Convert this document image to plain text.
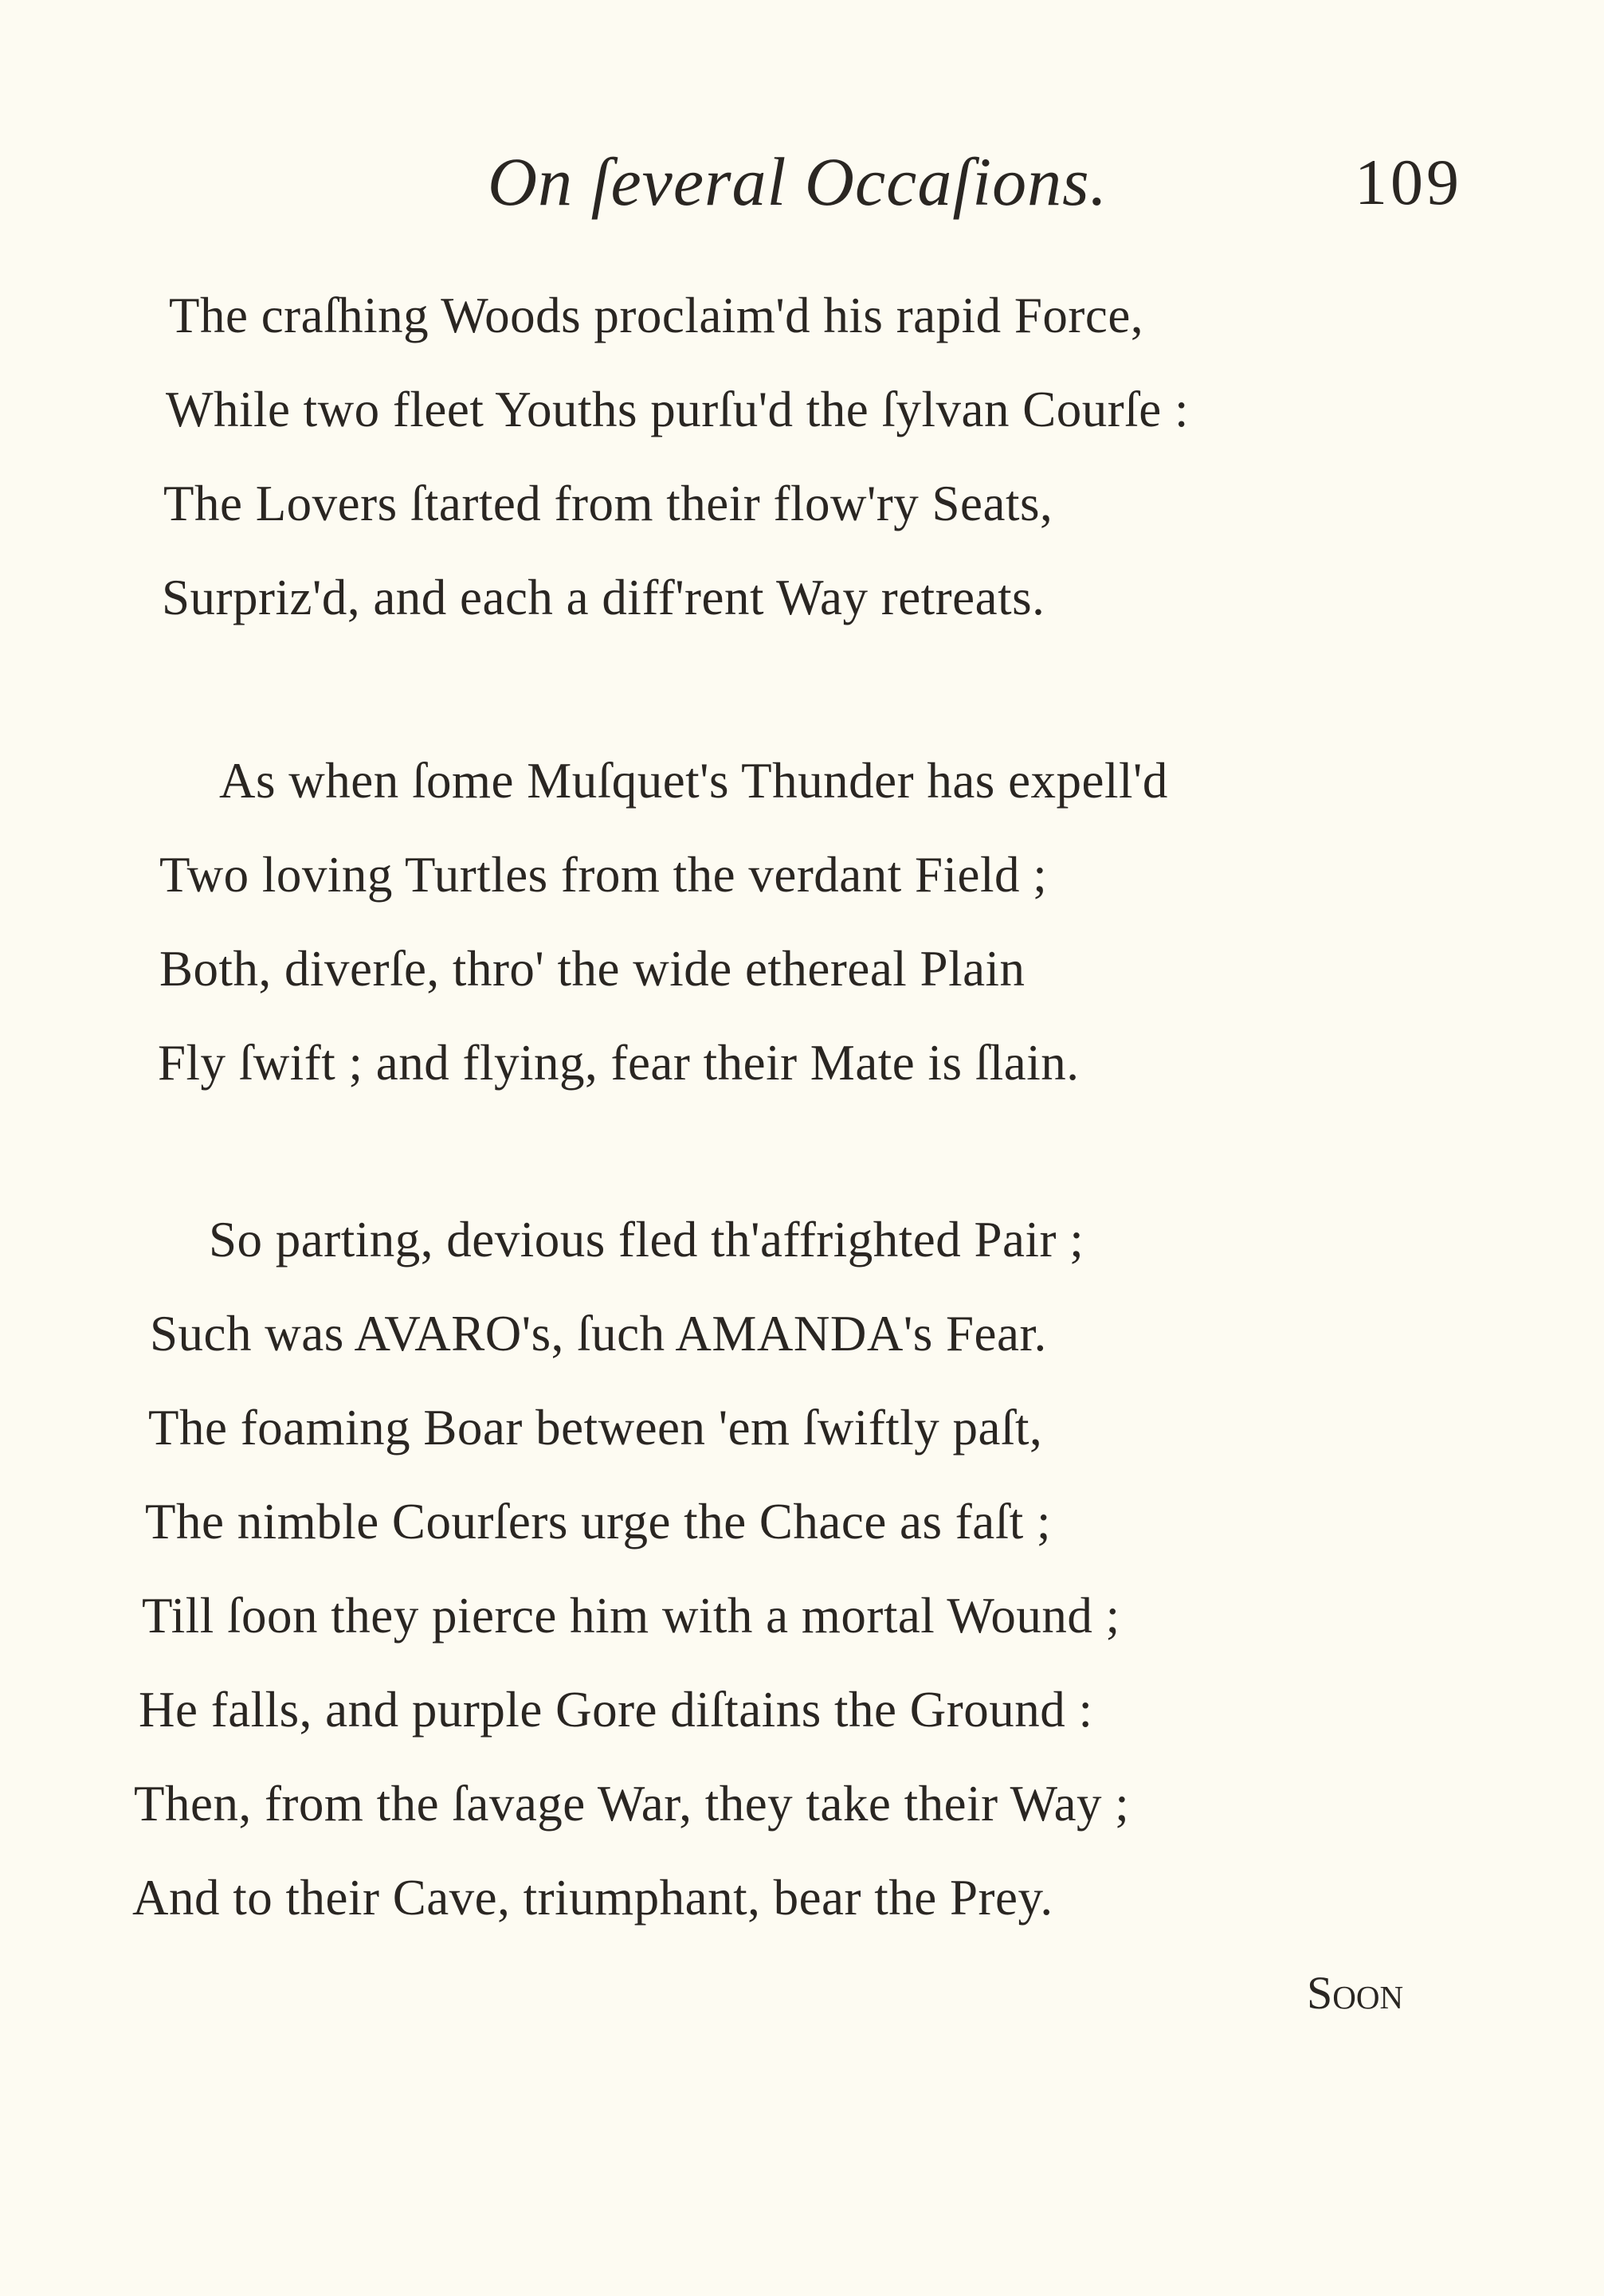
On ſeveral Occaſions.	109
The craſhing Woods proclaim'd his rapid Force,
While two fleet Youths purſu'd the ſylvan Courſe :
The Lovers ſtarted from their flow'ry Seats,
Surpriz'd, and each a diff'rent Way retreats.
As when ſome Muſquet's Thunder has expell'd
Two loving Turtles from the verdant Field ;
Both, diverſe, thro' the wide ethereal Plain
Fly ſwift ; and flying, fear their Mate is ſlain.
So parting, devious fled th'affrighted Pair ;
Such was AVARO's, ſuch AMANDA's Fear.
The foaming Boar between 'em ſwiftly paſt,
The nimble Courſers urge the Chace as faſt ;
Till ſoon they pierce him with a mortal Wound ;
He falls, and purple Gore diſtains the Ground :
Then, from the ſavage War, they take their Way ;
And to their Cave, triumphant, bear the Prey.
Soon
